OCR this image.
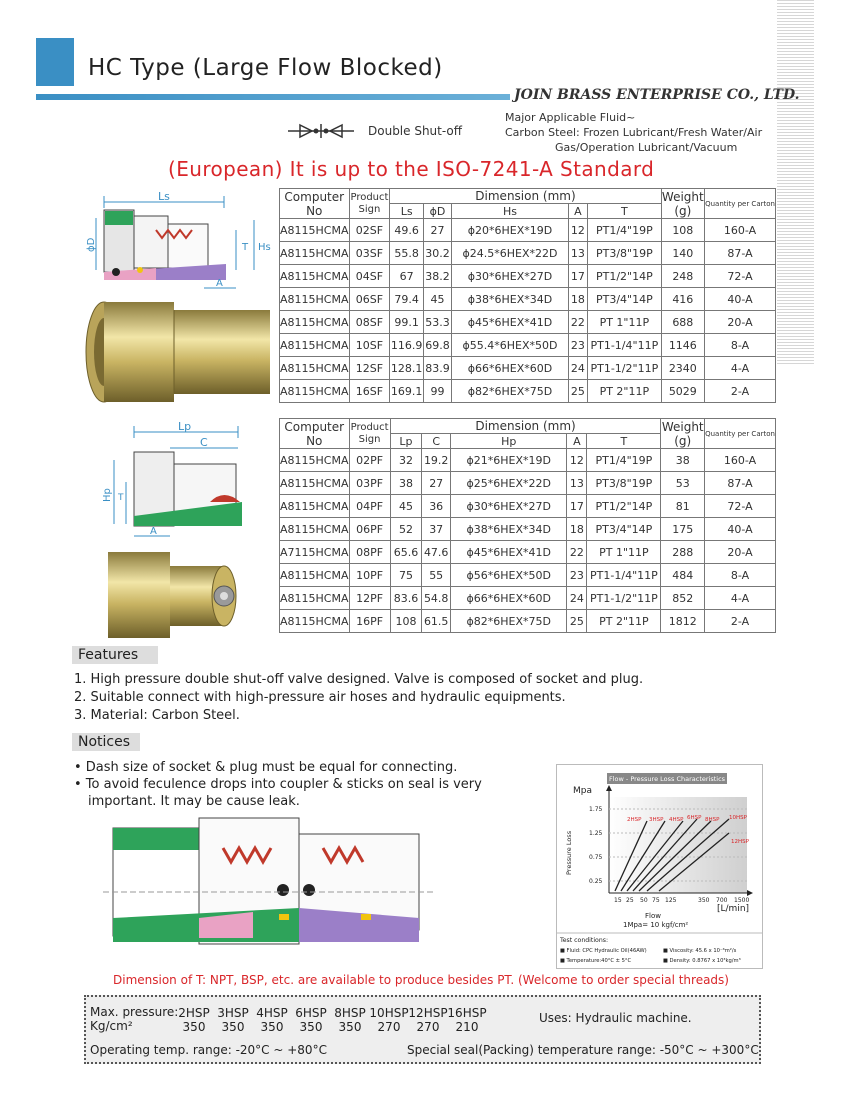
HC Type (Large Flow Blocked)
JOIN BRASS ENTERPRISE CO., LTD.
Double Shut-off
Major Applicable Fluid~
Carbon Steel: Frozen Lubricant/Fresh Water/Air
Gas/Operation Lubricant/Vacuum
(European) It is up to the ISO-7241-A Standard
Ls
ϕD	T Hs
A
Lp
C
Hp T
A
Computer
No	Product
Sign	Dimension (mm)					Weight
(g)	Quantity per Carton
		Ls	ϕD	Hs	A	T		
A8115HCMA	02SF	49.6	27	ϕ20*6HEX*19D	12	PT1/4"19P	108	160-A
A8115HCMA	03SF	55.8	30.2	ϕ24.5*6HEX*22D	13	PT3/8"19P	140	87-A
A8115HCMA	04SF	67	38.2	ϕ30*6HEX*27D	17	PT1/2"14P	248	72-A
A8115HCMA	06SF	79.4	45	ϕ38*6HEX*34D	18	PT3/4"14P	416	40-A
A8115HCMA	08SF	99.1	53.3	ϕ45*6HEX*41D	22	PT 1"11P	688	20-A
A8115HCMA	10SF	116.9	69.8	ϕ55.4*6HEX*50D	23	PT1-1/4"11P	1146	8-A
A8115HCMA	12SF	128.1	83.9	ϕ66*6HEX*60D	24	PT1-1/2"11P	2340	4-A
A8115HCMA	16SF	169.1	99	ϕ82*6HEX*75D	25	PT 2"11P	5029	2-A
Computer
No	Product
Sign	Dimension (mm)					Weight
(g)	Quantity per Carton
		Lp	C	Hp	A	T		
A8115HCMA	02PF	32	19.2	ϕ21*6HEX*19D	12	PT1/4"19P	38	160-A
A8115HCMA	03PF	38	27	ϕ25*6HEX*22D	13	PT3/8"19P	53	87-A
A8115HCMA	04PF	45	36	ϕ30*6HEX*27D	17	PT1/2"14P	81	72-A
A8115HCMA	06PF	52	37	ϕ38*6HEX*34D	18	PT3/4"14P	175	40-A
A7115HCMA	08PF	65.6	47.6	ϕ45*6HEX*41D	22	PT 1"11P	288	20-A
A8115HCMA	10PF	75	55	ϕ56*6HEX*50D	23	PT1-1/4"11P	484	8-A
A8115HCMA	12PF	83.6	54.8	ϕ66*6HEX*60D	24	PT1-1/2"11P	852	4-A
A8115HCMA	16PF	108	61.5	ϕ82*6HEX*75D	25	PT 2"11P	1812	2-A
Features
1. High pressure double shut-off valve designed. Valve is composed of socket and plug.
2. Suitable connect with high-pressure air hoses and hydraulic equipments.
3. Material: Carbon Steel.
Notices
• Dash size of socket & plug must be equal for connecting.
• To avoid feculence drops into coupler & sticks on seal is very important. It may be cause leak.
Flow - Pressure Loss Characteristics
Mpa
Pressure Loss
2HSP 3HSP 4HSP 6HSP 8HSP 10HSP
12HSP
1.75
1.25
0.75
0.25
15 25 50 75 125	350 700 1500
[L/min]
Flow
1Mpa= 10 kgf/cm²
Test conditions:
■ Fluid: CPC Hydraulic Oil(46AW)	■ Viscosity: 45.6 x 10⁻⁶m²/s
■ Temperature:40°C ± 5°C	■ Density: 0.8767 x 10³kg/m³
Dimension of T: NPT, BSP, etc. are available to produce besides PT. (Welcome to order special threads)
Max. pressure:
Kg/cm²
2HSP
350
3HSP
350
4HSP
350
6HSP
350
8HSP
350
10HSP
270
12HSP
270
16HSP
210
Uses: Hydraulic machine.
Operating temp. range: -20°C ~ +80°C	Special seal(Packing) temperature range: -50°C ~ +300°C
